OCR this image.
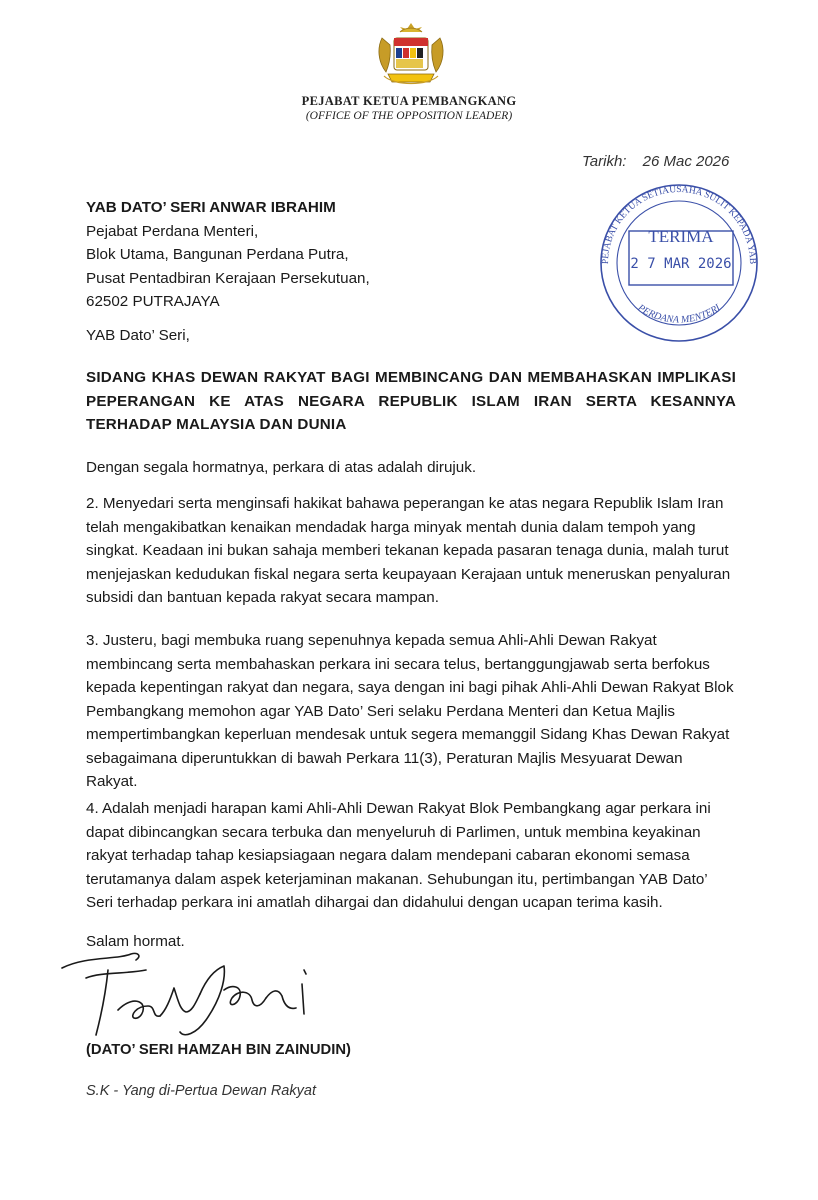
PEJABAT KETUA PEMBANGKANG
(OFFICE OF THE OPPOSITION LEADER)
Tarikh: 26 Mac 2026
PEJABAT KETUA SETIAUSAHA SULIT KEPADA YAB
PERDANA MENTERI
TERIMA
2 7 MAR 2026
YAB DATO’ SERI ANWAR IBRAHIM
Pejabat Perdana Menteri,
Blok Utama, Bangunan Perdana Putra,
Pusat Pentadbiran Kerajaan Persekutuan,
62502 PUTRAJAYA
YAB Dato’ Seri,
SIDANG KHAS DEWAN RAKYAT BAGI MEMBINCANG DAN MEMBAHASKAN IMPLIKASI PEPERANGAN KE ATAS NEGARA REPUBLIK ISLAM IRAN SERTA KESANNYA TERHADAP MALAYSIA DAN DUNIA

Dengan segala hormatnya, perkara di atas adalah dirujuk.

2. Menyedari serta menginsafi hakikat bahawa peperangan ke atas negara Republik Islam Iran telah mengakibatkan kenaikan mendadak harga minyak mentah dunia dalam tempoh yang singkat. Keadaan ini bukan sahaja memberi tekanan kepada pasaran tenaga dunia, malah turut menjejaskan kedudukan fiskal negara serta keupayaan Kerajaan untuk meneruskan penyaluran subsidi dan bantuan kepada rakyat secara mampan.

3. Justeru, bagi membuka ruang sepenuhnya kepada semua Ahli-Ahli Dewan Rakyat membincang serta membahaskan perkara ini secara telus, bertanggungjawab serta berfokus kepada kepentingan rakyat dan negara, saya dengan ini bagi pihak Ahli-Ahli Dewan Rakyat Blok Pembangkang memohon agar YAB Dato’ Seri selaku Perdana Menteri dan Ketua Majlis mempertimbangkan keperluan mendesak untuk segera memanggil Sidang Khas Dewan Rakyat sebagaimana diperuntukkan di bawah Perkara 11(3), Peraturan Majlis Mesyuarat Dewan Rakyat.

4. Adalah menjadi harapan kami Ahli-Ahli Dewan Rakyat Blok Pembangkang agar perkara ini dapat dibincangkan secara terbuka dan menyeluruh di Parlimen, untuk membina keyakinan rakyat terhadap tahap kesiapsiagaan negara dalam mendepani cabaran ekonomi semasa terutamanya dalam aspek keterjaminan makanan. Sehubungan itu, pertimbangan YAB Dato’ Seri terhadap perkara ini amatlah dihargai dan didahului dengan ucapan terima kasih.

Salam hormat.

(DATO’ SERI HAMZAH BIN ZAINUDIN)
S.K - Yang di-Pertua Dewan Rakyat
